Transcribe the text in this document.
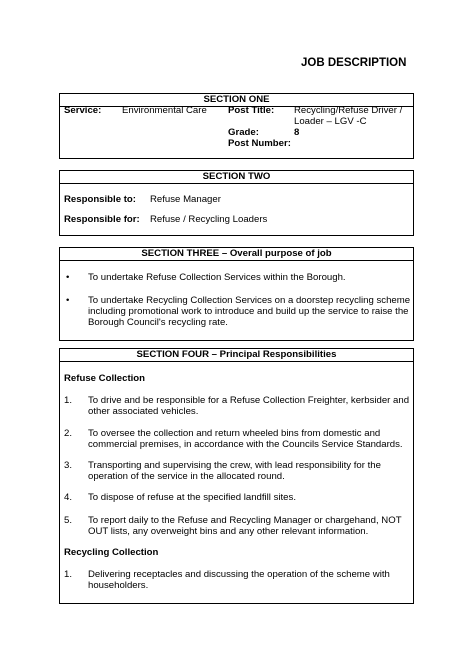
JOB DESCRIPTION
SECTION ONE
Service: Environmental Care Post Title: Recycling/Refuse Driver /
Loader – LGV -C
Grade:	8
Post Number:
SECTION TWO
Responsible to: Refuse Manager
Responsible for: Refuse / Recycling Loaders
SECTION THREE – Overall purpose of job
• To undertake Refuse Collection Services within the Borough.
• To undertake Recycling Collection Services on a doorstep recycling scheme
including promotional work to introduce and build up the service to raise the
Borough Council's recycling rate.
SECTION FOUR – Principal Responsibilities
Refuse Collection
1. To drive and be responsible for a Refuse Collection Freighter, kerbsider and
other associated vehicles.
2. To oversee the collection and return wheeled bins from domestic and
commercial premises, in accordance with the Councils Service Standards.
3. Transporting and supervising the crew, with lead responsibility for the
operation of the service in the allocated round.
4. To dispose of refuse at the specified landfill sites.
5. To report daily to the Refuse and Recycling Manager or chargehand, NOT
OUT lists, any overweight bins and any other relevant information.
Recycling Collection
1. Delivering receptacles and discussing the operation of the scheme with
householders.
